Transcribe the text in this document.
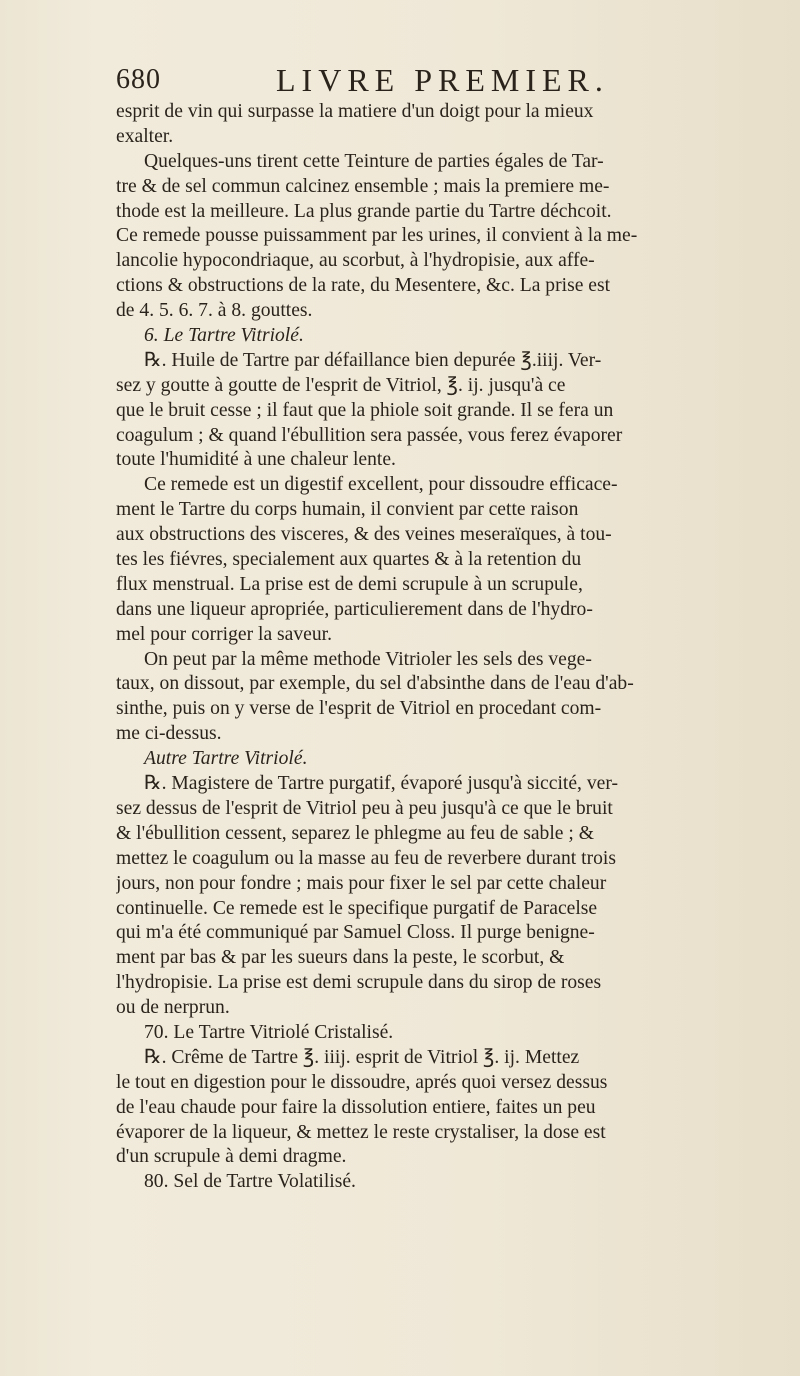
680	LIVRE PREMIER.
esprit de vin qui surpasse la matiere d'un doigt pour la mieux
exalter.
Quelques-uns tirent cette Teinture de parties égales de Tar-
tre & de sel commun calcinez ensemble ; mais la premiere me-
thode est la meilleure. La plus grande partie du Tartre déchcoit.
Ce remede pousse puissamment par les urines, il convient à la me-
lancolie hypocondriaque, au scorbut, à l'hydropisie, aux affe-
ctions & obstructions de la rate, du Mesentere, &c. La prise est
de 4. 5. 6. 7. à 8. gouttes.
6. Le Tartre Vitriolé.
℞. Huile de Tartre par défaillance bien depurée ℥.iiij. Ver-
sez y goutte à goutte de l'esprit de Vitriol, ℥. ij. jusqu'à ce
que le bruit cesse ; il faut que la phiole soit grande. Il se fera un
coagulum ; & quand l'ébullition sera passée, vous ferez évaporer
toute l'humidité à une chaleur lente.
Ce remede est un digestif excellent, pour dissoudre efficace-
ment le Tartre du corps humain, il convient par cette raison
aux obstructions des visceres, & des veines meseraïques, à tou-
tes les fiévres, specialement aux quartes & à la retention du
flux menstrual. La prise est de demi scrupule à un scrupule,
dans une liqueur apropriée, particulierement dans de l'hydro-
mel pour corriger la saveur.
On peut par la même methode Vitrioler les sels des vege-
taux, on dissout, par exemple, du sel d'absinthe dans de l'eau d'ab-
sinthe, puis on y verse de l'esprit de Vitriol en procedant com-
me ci-dessus.
Autre Tartre Vitriolé.
℞. Magistere de Tartre purgatif, évaporé jusqu'à siccité, ver-
sez dessus de l'esprit de Vitriol peu à peu jusqu'à ce que le bruit
& l'ébullition cessent, separez le phlegme au feu de sable ; &
mettez le coagulum ou la masse au feu de reverbere durant trois
jours, non pour fondre ; mais pour fixer le sel par cette chaleur
continuelle. Ce remede est le specifique purgatif de Paracelse
qui m'a été communiqué par Samuel Closs. Il purge benigne-
ment par bas & par les sueurs dans la peste, le scorbut, &
l'hydropisie. La prise est demi scrupule dans du sirop de roses
ou de nerprun.
70. Le Tartre Vitriolé Cristalisé.
℞. Crême de Tartre ℥. iiij. esprit de Vitriol ℥. ij. Mettez
le tout en digestion pour le dissoudre, aprés quoi versez dessus
de l'eau chaude pour faire la dissolution entiere, faites un peu
évaporer de la liqueur, & mettez le reste crystaliser, la dose est
d'un scrupule à demi dragme.
80. Sel de Tartre Volatilisé.
